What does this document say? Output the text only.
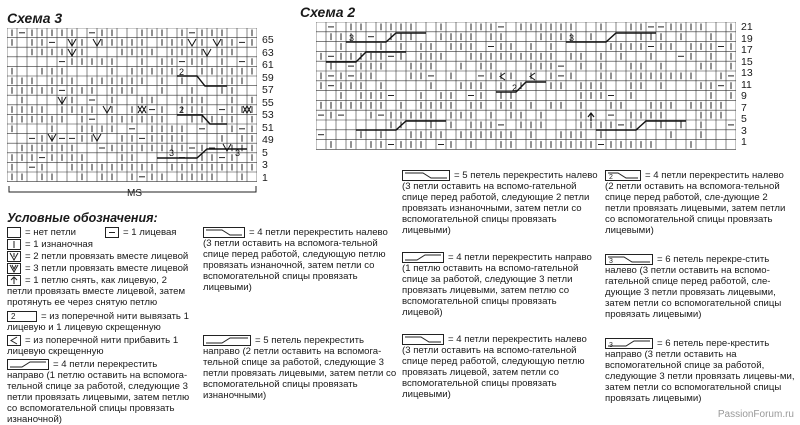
Схема 3
3	3
2
2
65
63
61
59
57
55
53
51
49
5
3
1
MS
Схема 2
3	3
2
21
19
17
15
13
11
9
7
5
3
1
Условные обозначения:
= нет петли	= 1 лицевая
= 1 изнаночная
= 2 петли провязать вместе лицевой
= 3 петли провязать вместе лицевой
= 1 петлю снять, как лицевую, 2 петли провязать вместе лицевой, затем протянуть ее через снятую петлю
2	= из поперечной нити вывязать 1 лицевую и 1 лицевую скрещенную
= из поперечной нити прибавить 1 лицевую скрещенную
= 4 петли перекрестить направо (1 петлю оставить на вспомога-тельной спице за работой, следующие 3 петли провязать лицевыми, затем петлю со вспомогательной спицы провязать изнаночной)
= 4 петли перекрестить налево (3 петли оставить на вспомога-тельной спице перед работой, следующую петлю провязать изнаночной, затем петли со вспомогательной спицы провязать лицевыми)
= 5 петель перекрестить направо (2 петли оставить на вспомога-тельной спице за работой, следующие 3 петли провязать лицевыми, затем петли со вспомогательной спицы провязать изнаночными)
= 5 петель перекрестить налево (3 петли оставить на вспомо-гательной спице перед работой, следующие 2 петли провязать изнаночными, затем петли со вспомогательной спицы провязать лицевыми)
= 4 петли перекрестить направо (1 петлю оставить на вспомо-гательной спице за работой, следующие 3 петли провязать лицевыми, затем петлю со вспомогательной спицы провязать лицевой)
= 4 петли перекрестить налево (3 петли оставить на вспомо-гательной спице перед работой, следующую петлю провязать лицевой, затем петли со вспомогательной спицы провязать лицевыми)
2	= 4 петли перекрестить налево (2 петли оставить на вспомога-тельной спице перед работой, сле-дующие 2 петли провязать лицевыми, затем петли со вспомогательной спицы провязать лицевыми)
3	= 6 петель перекре-стить налево (3 петли оставить на вспомо-гательной спице перед работой, сле-дующие 3 петли провязать лицевыми, затем петли со вспомогательной спицы провязать лицевыми)
3	= 6 петель пере-крестить направо (3 петли оставить на вспомогательной спице за работой, следующие 3 петли провязать лицевы-ми, затем петли со вспомогательной спицы провязать лицевыми)
PassionForum.ru
